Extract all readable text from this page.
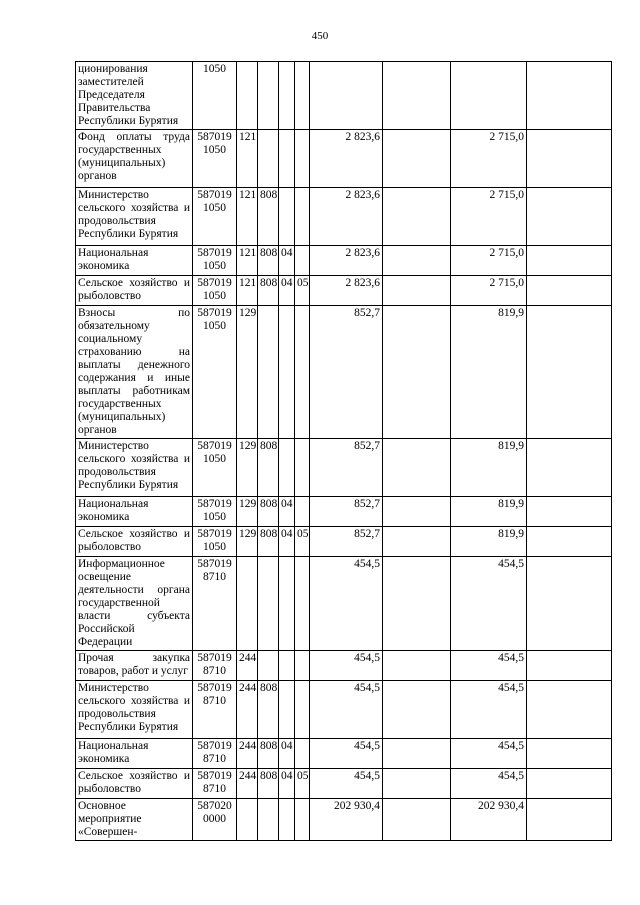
450
ционирования заместителей Председателя Правительства Республики Бурятия	1050								
Фонд оплаты труда государственных (муниципальных) органов	587019 1050	121				2 823,6		2 715,0	
Министерство сельского хозяйства и продовольствия Республики Бурятия	587019 1050	121	808			2 823,6		2 715,0	
Национальная экономика	587019 1050	121	808	04		2 823,6		2 715,0	
Сельское хозяйство и рыболовство	587019 1050	121	808	04	05	2 823,6		2 715,0	
Взносы по обязательному социальному страхованию на выплаты денежного содержания и иные выплаты работникам государственных (муниципальных) органов	587019 1050	129				852,7		819,9	
Министерство сельского хозяйства и продовольствия Республики Бурятия	587019 1050	129	808			852,7		819,9	
Национальная экономика	587019 1050	129	808	04		852,7		819,9	
Сельское хозяйство и рыболовство	587019 1050	129	808	04	05	852,7		819,9	
Информационное освещение деятельности органа государственной власти субъекта Российской Федерации	587019 8710					454,5		454,5	
Прочая закупка товаров, работ и услуг	587019 8710	244				454,5		454,5	
Министерство сельского хозяйства и продовольствия Республики Бурятия	587019 8710	244	808			454,5		454,5	
Национальная экономика	587019 8710	244	808	04		454,5		454,5	
Сельское хозяйство и рыболовство	587019 8710	244	808	04	05	454,5		454,5	
Основное мероприятие «Совершен-	587020 0000					202 930,4		202 930,4	
